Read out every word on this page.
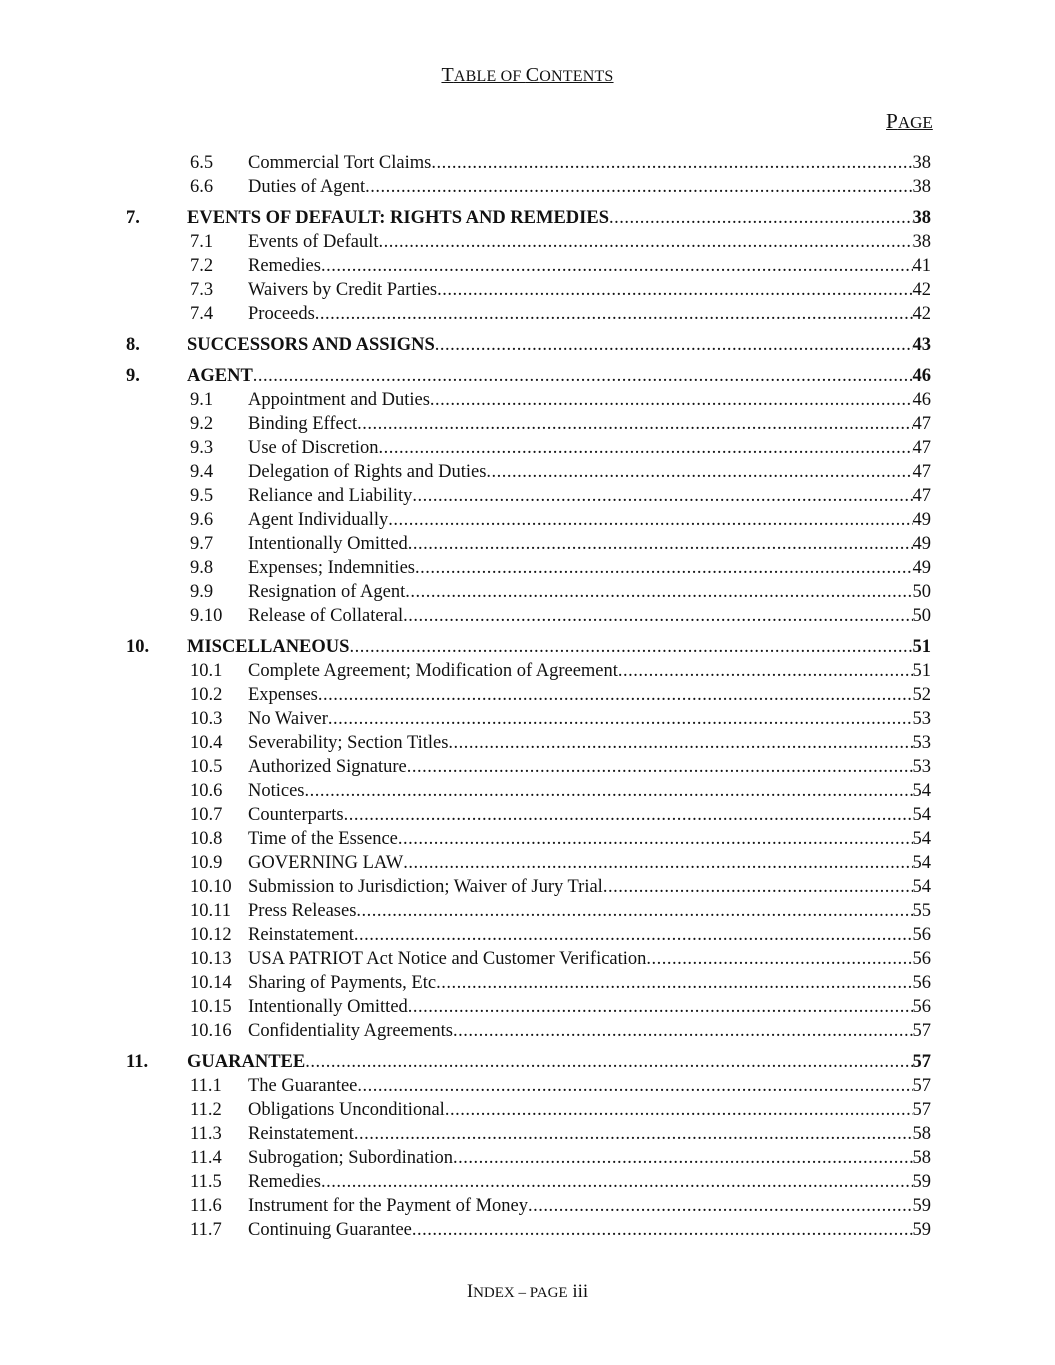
TABLE OF CONTENTS
PAGE
6.5 Commercial Tort Claims .....	38
6.6 Duties of Agent .....	38
7.	EVENTS OF DEFAULT: RIGHTS AND REMEDIES .....	38
7.1 Events of Default .....	38
7.2 Remedies .....	41
7.3 Waivers by Credit Parties .....	42
7.4 Proceeds .....	42
8.	SUCCESSORS AND ASSIGNS .....	43
9.	AGENT .....	46
9.1 Appointment and Duties .....	46
9.2 Binding Effect .....	47
9.3 Use of Discretion .....	47
9.4 Delegation of Rights and Duties .....	47
9.5 Reliance and Liability .....	47
9.6 Agent Individually .....	49
9.7 Intentionally Omitted .....	49
9.8 Expenses; Indemnities .....	49
9.9 Resignation of Agent .....	50
9.10 Release of Collateral .....	50
10. MISCELLANEOUS .....	51
10.1 Complete Agreement; Modification of Agreement .....	51
10.2 Expenses .....	52
10.3 No Waiver .....	53
10.4 Severability; Section Titles .....	53
10.5 Authorized Signature .....	53
10.6 Notices .....	54
10.7 Counterparts .....	54
10.8 Time of the Essence .....	54
10.9 GOVERNING LAW .....	54
10.10 Submission to Jurisdiction; Waiver of Jury Trial .....	54
10.11 Press Releases .....	55
10.12 Reinstatement .....	56
10.13 USA PATRIOT Act Notice and Customer Verification .....	56
10.14 Sharing of Payments, Etc .....	56
10.15 Intentionally Omitted .....	56
10.16 Confidentiality Agreements .....	57
11. GUARANTEE .....	57
11.1 The Guarantee .....	57
11.2 Obligations Unconditional .....	57
11.3 Reinstatement .....	58
11.4 Subrogation; Subordination .....	58
11.5 Remedies .....	59
11.6 Instrument for the Payment of Money .....	59
11.7 Continuing Guarantee .....	59
INDEX – PAGE iii
